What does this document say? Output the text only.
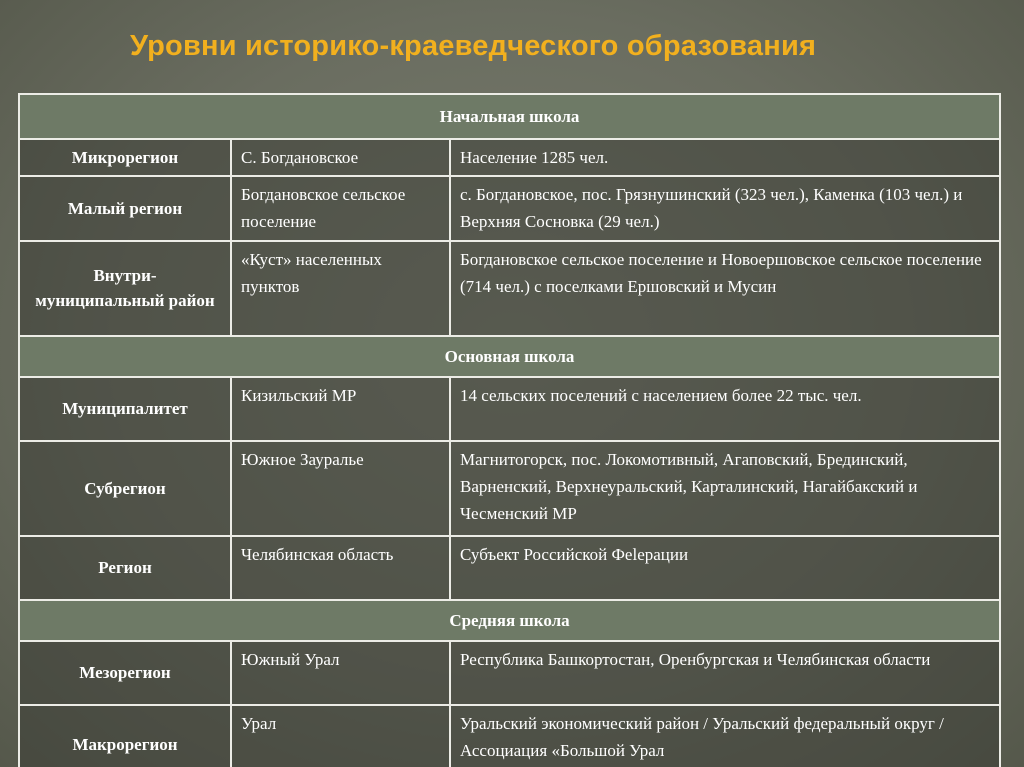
Уровни историко-краеведческого образования
Начальная школа		
Микрорегион	С. Богдановское	Население 1285 чел.
Малый регион	Богдановское сельское поселение	с. Богдановское, пос. Грязнушинский (323 чел.), Каменка (103 чел.) и Верхняя Сосновка (29 чел.)
Внутри-муниципальный район	«Куст» населенных пунктов	Богдановское сельское поселение и Новоершовское сельское поселение (714 чел.) с поселками Ершовский и Мусин
Основная школа		
Муниципалитет	Кизильский МР	14 сельских поселений с населением более 22 тыс. чел.
Субрегион	Южное Зауралье	Магнитогорск, пос. Локомотивный, Агаповский, Брединский, Варненский, Верхнеуральский, Карталинский, Нагайбакский и Чесменский МР
Регион	Челябинская область	Субъект Российской Феlерации
Средняя школа		
Мезорегион	Южный Урал	Республика Башкортостан, Оренбургская и Челябинская области
Макрорегион	Урал	Уральский экономический район / Уральский федеральный округ / Ассоциация «Большой Урал
